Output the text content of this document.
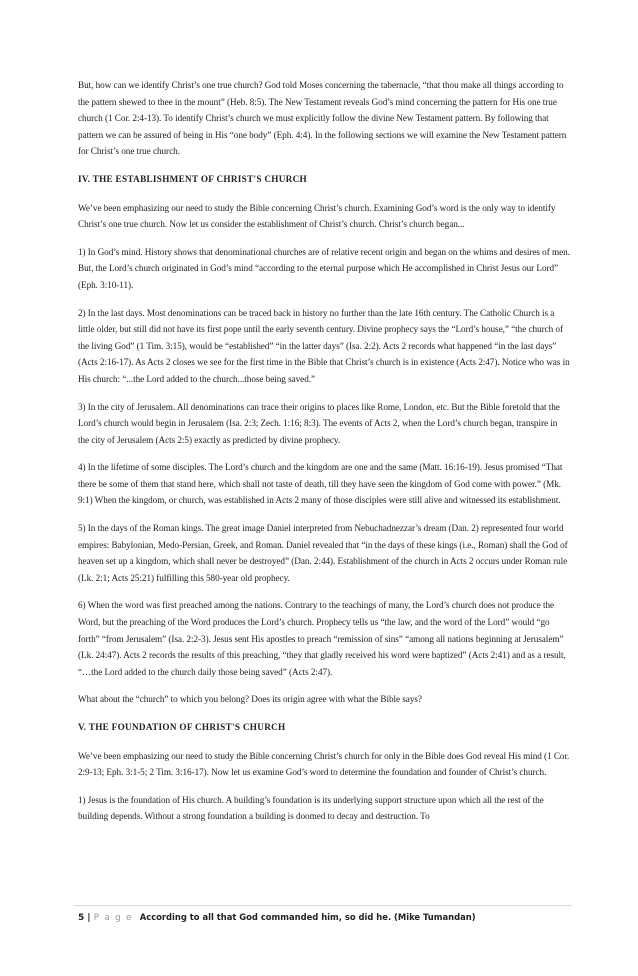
But, how can we identify Christ’s one true church? God told Moses concerning the tabernacle, “that thou make all things according to the pattern shewed to thee in the mount” (Heb. 8:5). The New Testament reveals God’s mind concerning the pattern for His one true church (1 Cor. 2:4-13). To identify Christ’s church we must explicitly follow the divine New Testament pattern. By following that pattern we can be assured of being in His “one body” (Eph. 4:4). In the following sections we will examine the New Testament pattern for Christ’s one true church.

IV. THE ESTABLISHMENT OF CHRIST'S CHURCH

We’ve been emphasizing our need to study the Bible concerning Christ’s church. Examining God’s word is the only way to identify Christ’s one true church. Now let us consider the establishment of Christ’s church. Christ’s church began...

1) In God’s mind. History shows that denominational churches are of relative recent origin and began on the whims and desires of men. But, the Lord’s church originated in God’s mind “according to the eternal purpose which He accomplished in Christ Jesus our Lord” (Eph. 3:10-11).

2) In the last days. Most denominations can be traced back in history no further than the late 16th century. The Catholic Church is a little older, but still did not have its first pope until the early seventh century. Divine prophecy says the “Lord’s house,” “the church of the living God” (1 Tim. 3:15), would be “established” “in the latter days” (Isa. 2:2). Acts 2 records what happened “in the last days” (Acts 2:16-17). As Acts 2 closes we see for the first time in the Bible that Christ’s church is in existence (Acts 2:47). Notice who was in His church: “...the Lord added to the church...those being saved.”

3) In the city of Jerusalem. All denominations can trace their origins to places like Rome, London, etc. But the Bible foretold that the Lord’s church would begin in Jerusalem (Isa. 2:3; Zech. 1:16; 8:3). The events of Acts 2, when the Lord’s church began, transpire in the city of Jerusalem (Acts 2:5) exactly as predicted by divine prophecy.

4) In the lifetime of some disciples. The Lord’s church and the kingdom are one and the same (Matt. 16:16-19). Jesus promised “That there be some of them that stand here, which shall not taste of death, till they have seen the kingdom of God come with power.” (Mk. 9:1) When the kingdom, or church, was established in Acts 2 many of those disciples were still alive and witnessed its establishment.

5) In the days of the Roman kings. The great image Daniel interpreted from Nebuchadnezzar’s dream (Dan. 2) represented four world empires: Babylonian, Medo-Persian, Greek, and Roman. Daniel revealed that “in the days of these kings (i.e., Roman) shall the God of heaven set up a kingdom, which shall never be destroyed” (Dan. 2:44). Establishment of the church in Acts 2 occurs under Roman rule (Lk. 2:1; Acts 25:21) fulfilling this 580-year old prophecy.

6) When the word was first preached among the nations. Contrary to the teachings of many, the Lord’s church does not produce the Word, but the preaching of the Word produces the Lord’s church. Prophecy tells us “the law, and the word of the Lord” would “go forth” “from Jerusalem” (Isa. 2:2-3). Jesus sent His apostles to preach “remission of sins” “among all nations beginning at Jerusalem” (Lk. 24:47). Acts 2 records the results of this preaching, “they that gladly received his word were baptized” (Acts 2:41) and as a result, “…the Lord added to the church daily those being saved” (Acts 2:47).

What about the “church” to which you belong? Does its origin agree with what the Bible says?

V. THE FOUNDATION OF CHRIST'S CHURCH

We’ve been emphasizing our need to study the Bible concerning Christ’s church for only in the Bible does God reveal His mind (1 Cor. 2:9-13; Eph. 3:1-5; 2 Tim. 3:16-17). Now let us examine God’s word to determine the foundation and founder of Christ’s church.

1) Jesus is the foundation of His church. A building’s foundation is its underlying support structure upon which all the rest of the building depends. Without a strong foundation a building is doomed to decay and destruction. To

5 | P a g e According to all that God commanded him, so did he. (Mike Tumandan)
